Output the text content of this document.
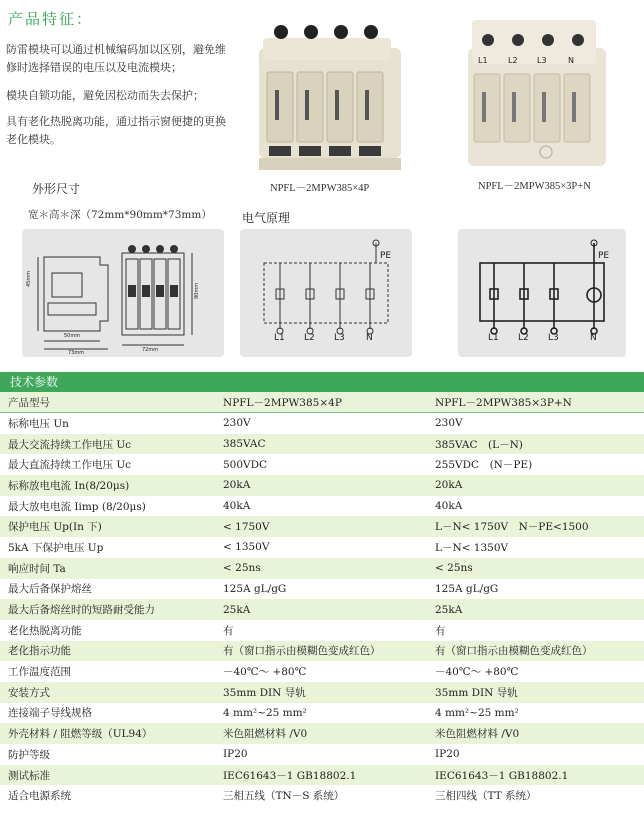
产品特征：
防雷模块可以通过机械编码加以区别，避免维
修时选择错误的电压以及电流模块；
模块自锁功能，避免因松动而失去保护；
具有老化热脱离功能，通过指示窗便捷的更换
老化模块。
NPFL－2MPW385×4P
L1	L2 L3	N
NPFL－2MPW385×3P+N
外形尺寸
宽＊高＊深（72mm*90mm*73mm）	电气原理
45mm
90mm
50mm
73mm	72mm
PE
L1 L2 L3 N
PE
L1 L2 L3	N
技术参数
产品型号	NPFL－2MPW385×4P	NPFL－2MPW385×3P+N
标称电压 Un	230V	230V
最大交流持续工作电压 Uc	385VAC	385VAC　(L－N)
最大直流持续工作电压 Uc	500VDC	255VDC　(N－PE)
标称放电电流 In(8/20μs)	20kA	20kA
最大放电电流 Iimp (8/20μs)	40kA	40kA
保护电压 Up(In 下)	< 1750V	L－N< 1750V　N－PE<1500
5kA 下保护电压 Up	< 1350V	L－N< 1350V
响应时间 Ta	< 25ns	< 25ns
最大后备保护熔丝	125A gL/gG	125A gL/gG
最大后备熔丝时的短路耐受能力	25kA	25kA
老化热脱离功能	有	有
老化指示功能	有（窗口指示由模糊色变成红色）	有（窗口指示由模糊色变成红色）
工作温度范围	－40℃～ +80℃	－40℃～ +80℃
安装方式	35mm DIN 导轨	35mm DIN 导轨
连接端子导线规格	4 mm²~25 mm²	4 mm²~25 mm²
外壳材料 / 阻燃等级（UL94）	米色阻燃材料 /V0	米色阻燃材料 /V0
防护等级	IP20	IP20
测试标准	IEC61643－1 GB18802.1	IEC61643－1 GB18802.1
适合电源系统	三相五线（TN－S 系统）	三相四线（TT 系统）
